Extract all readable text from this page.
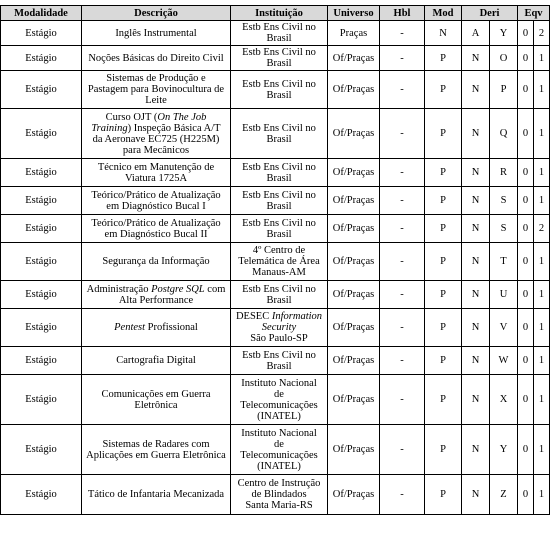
Modalidade	Descrição	Instituição	Universo	Hbl	Mod	Deri		Eqv	
Estágio	Inglês Instrumental	Estb Ens Civil no
Brasil	Praças	-	N	A	Y	0	2
Estágio	Noções Básicas do Direito Civil	Estb Ens Civil no
Brasil	Of/Praças	-	P	N	O	0	1
Estágio	Sistemas de Produção e
Pastagem para Bovinocultura de
Leite	Estb Ens Civil no
Brasil	Of/Praças	-	P	N	P	0	1
Estágio	Curso OJT (On The Job
Training) Inspeção Básica A/T
da Aeronave EC725 (H225M)
para Mecânicos	Estb Ens Civil no
Brasil	Of/Praças	-	P	N	Q	0	1
Estágio	Técnico em Manutenção de
Viatura 1725A	Estb Ens Civil no
Brasil	Of/Praças	-	P	N	R	0	1
Estágio	Teórico/Prático de Atualização
em Diagnóstico Bucal I	Estb Ens Civil no
Brasil	Of/Praças	-	P	N	S	0	1
Estágio	Teórico/Prático de Atualização
em Diagnóstico Bucal II	Estb Ens Civil no
Brasil	Of/Praças	-	P	N	S	0	2
Estágio	Segurança da Informação	4º Centro de
Telemática de Área
Manaus-AM	Of/Praças	-	P	N	T	0	1
Estágio	Administração Postgre SQL com
Alta Performance	Estb Ens Civil no
Brasil	Of/Praças	-	P	N	U	0	1
Estágio	Pentest Profissional	DESEC Information
Security
São Paulo-SP	Of/Praças	-	P	N	V	0	1
Estágio	Cartografia Digital	Estb Ens Civil no
Brasil	Of/Praças	-	P	N	W	0	1
Estágio	Comunicações em Guerra
Eletrônica	Instituto Nacional
de
Telecomunicações
(INATEL)	Of/Praças	-	P	N	X	0	1
Estágio	Sistemas de Radares com
Aplicações em Guerra Eletrônica	Instituto Nacional
de
Telecomunicações
(INATEL)	Of/Praças	-	P	N	Y	0	1
Estágio	Tático de Infantaria Mecanizada	Centro de Instrução
de Blindados
Santa Maria-RS	Of/Praças	-	P	N	Z	0	1
